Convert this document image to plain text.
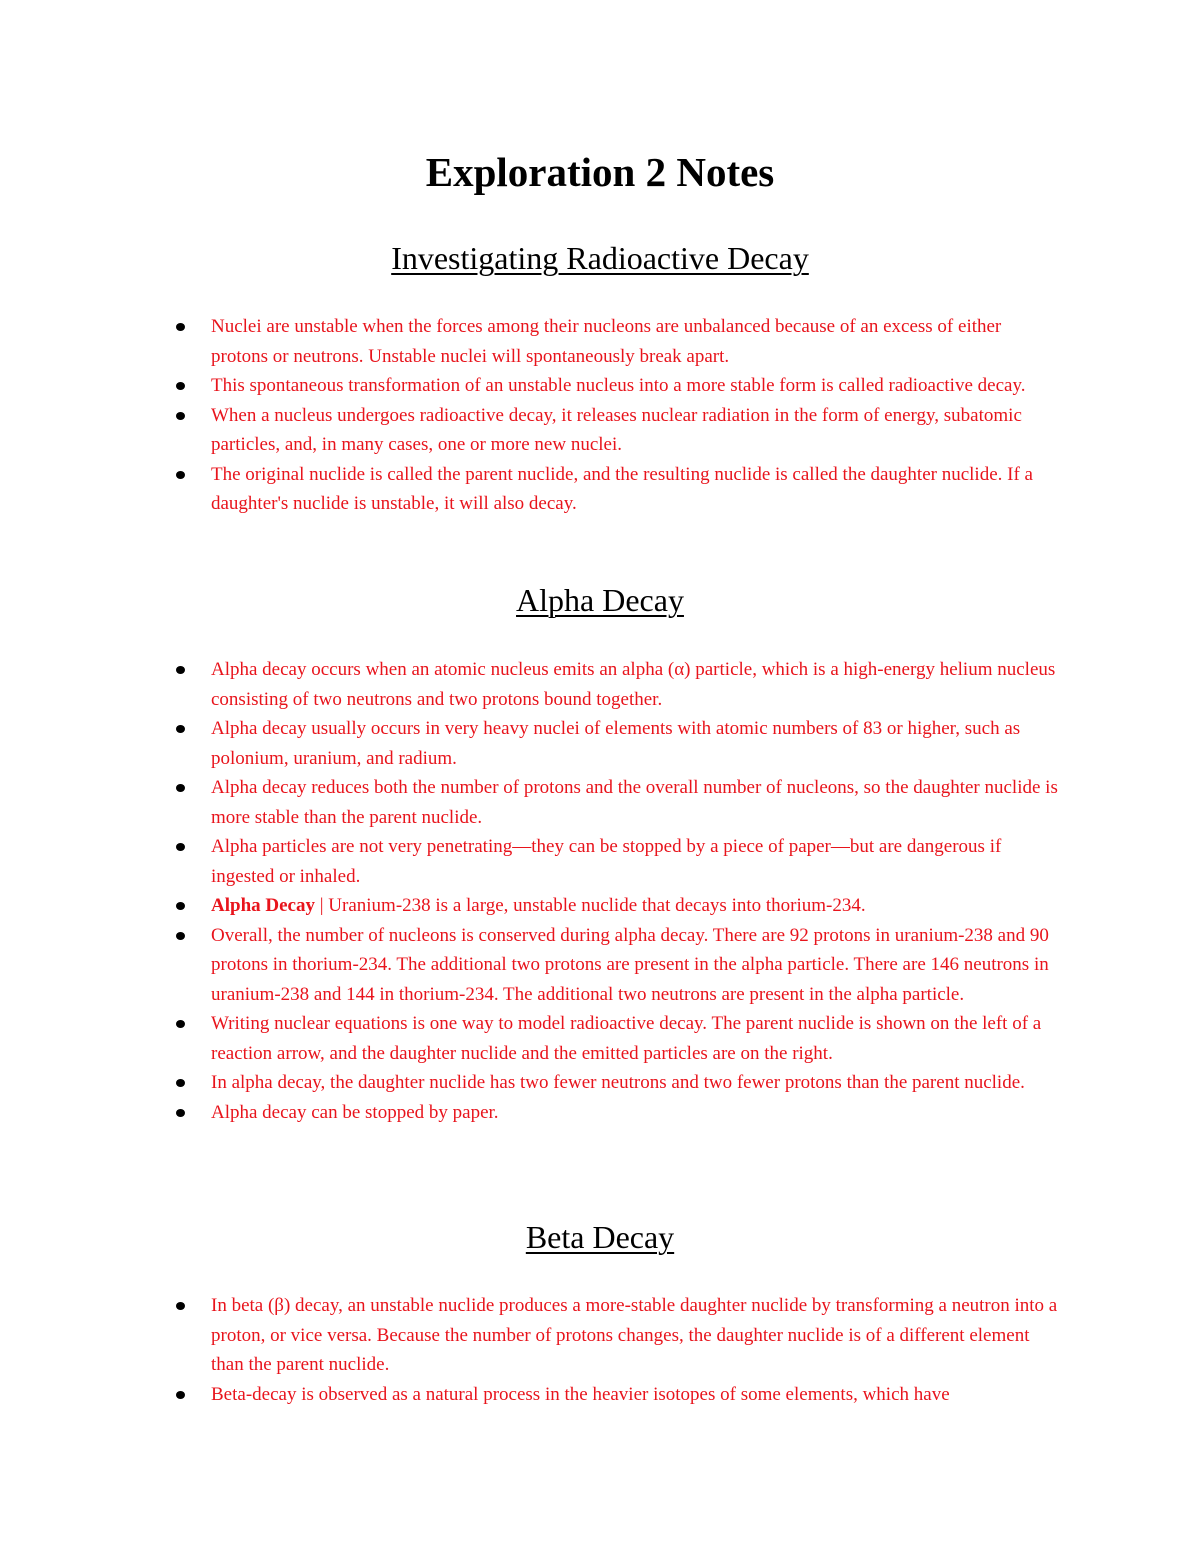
Exploration 2 Notes
Investigating Radioactive Decay
Nuclei are unstable when the forces among their nucleons are unbalanced because of an excess of either protons or neutrons. Unstable nuclei will spontaneously break apart.
This spontaneous transformation of an unstable nucleus into a more stable form is called radioactive decay.
When a nucleus undergoes radioactive decay, it releases nuclear radiation in the form of energy, subatomic particles, and, in many cases, one or more new nuclei.
The original nuclide is called the parent nuclide, and the resulting nuclide is called the daughter nuclide. If a daughter's nuclide is unstable, it will also decay.
Alpha Decay
Alpha decay occurs when an atomic nucleus emits an alpha (α) particle, which is a high-energy helium nucleus consisting of two neutrons and two protons bound together.
Alpha decay usually occurs in very heavy nuclei of elements with atomic numbers of 83 or higher, such as polonium, uranium, and radium.
Alpha decay reduces both the number of protons and the overall number of nucleons, so the daughter nuclide is more stable than the parent nuclide.
Alpha particles are not very penetrating—they can be stopped by a piece of paper—but are dangerous if ingested or inhaled.
Alpha Decay | Uranium-238 is a large, unstable nuclide that decays into thorium-234.
Overall, the number of nucleons is conserved during alpha decay. There are 92 protons in uranium-238 and 90 protons in thorium-234. The additional two protons are present in the alpha particle. There are 146 neutrons in uranium-238 and 144 in thorium-234. The additional two neutrons are present in the alpha particle.
Writing nuclear equations is one way to model radioactive decay. The parent nuclide is shown on the left of a reaction arrow, and the daughter nuclide and the emitted particles are on the right.
In alpha decay, the daughter nuclide has two fewer neutrons and two fewer protons than the parent nuclide.
Alpha decay can be stopped by paper.
Beta Decay
In beta (β) decay, an unstable nuclide produces a more-stable daughter nuclide by transforming a neutron into a proton, or vice versa. Because the number of protons changes, the daughter nuclide is of a different element than the parent nuclide.
Beta-decay is observed as a natural process in the heavier isotopes of some elements, which have
